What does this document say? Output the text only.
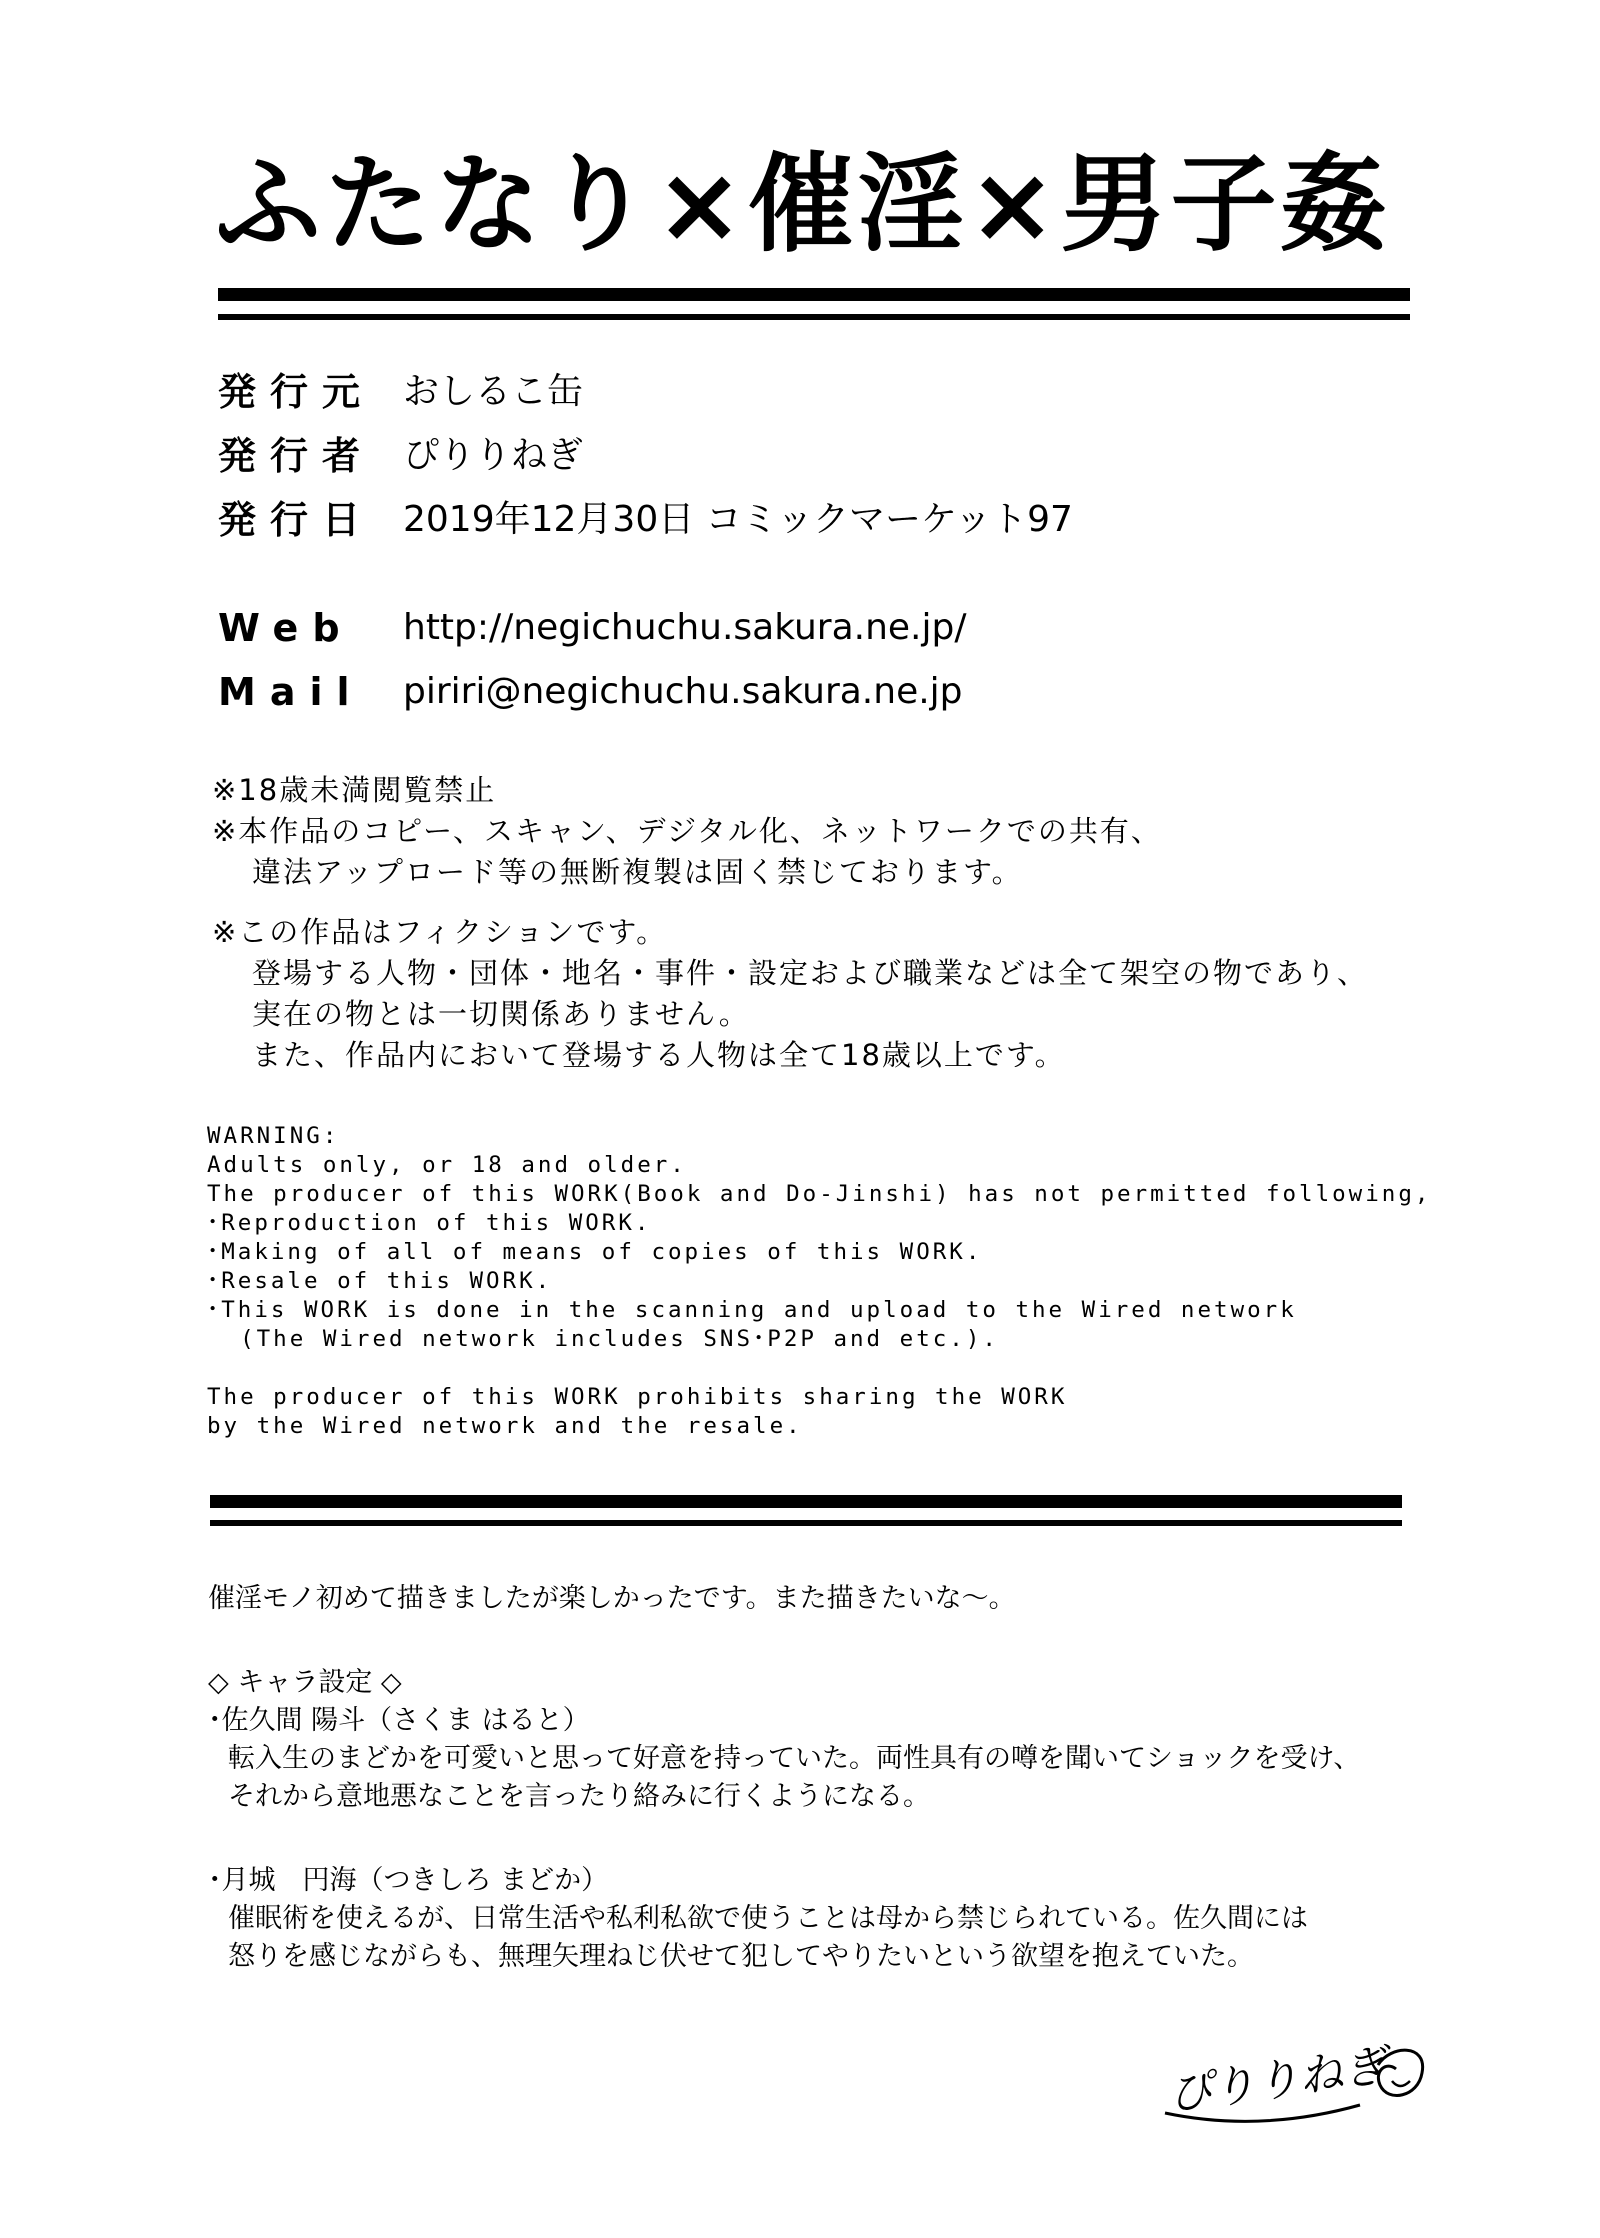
ふたなり×催淫×男子姦
発行元 おしるこ缶
発行者 ぴりりねぎ
発行日 2019年12月30日 コミックマーケット97
Web	http://negichuchu.sakura.ne.jp/
Mail	piriri@negichuchu.sakura.ne.jp

※18歳未満閲覧禁止

※本作品のコピー、スキャン、デジタル化、ネットワークでの共有、

違法アップロード等の無断複製は固く禁じております。

※この作品はフィクションです。

登場する人物・団体・地名・事件・設定および職業などは全て架空の物であり、

実在の物とは一切関係ありません。

また、作品内において登場する人物は全て18歳以上です。

WARNING:

Adults only, or 18 and older.

The producer of this WORK(Book and Do-Jinshi) has not permitted following,

･Reproduction of this WORK.

･Making of all of means of copies of this WORK.

･Resale of this WORK.

･This WORK is done in the scanning and upload to the Wired network

(The Wired network includes SNS･P2P and etc.).

The producer of this WORK prohibits sharing the WORK

by the Wired network and the resale.

催淫モノ初めて描きましたが楽しかったです。また描きたいな～。

◇ キャラ設定 ◇

･佐久間 陽斗（さくま はると）

転入生のまどかを可愛いと思って好意を持っていた。両性具有の噂を聞いてショックを受け、

それから意地悪なことを言ったり絡みに行くようになる。

･月城　円海（つきしろ まどか）

催眠術を使えるが、日常生活や私利私欲で使うことは母から禁じられている。佐久間には

怒りを感じながらも、無理矢理ねじ伏せて犯してやりたいという欲望を抱えていた。

ぴりりねぎ
